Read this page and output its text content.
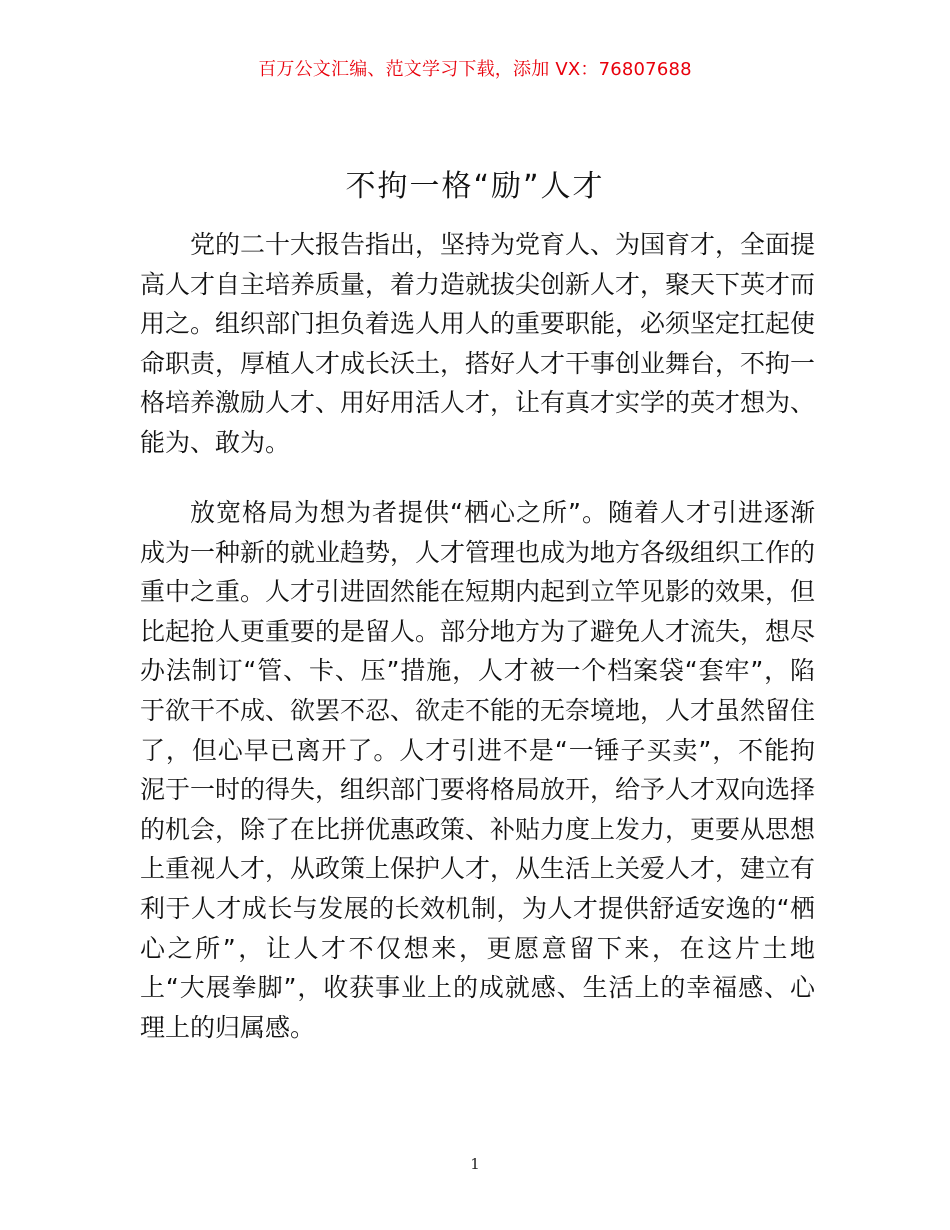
百万公文汇编、范文学习下载，添加 VX：76807688
不拘一格“励”人才

党的二十大报告指出，坚持为党育人、为国育才，全面提高人才自主培养质量，着力造就拔尖创新人才，聚天下英才而用之。组织部门担负着选人用人的重要职能，必须坚定扛起使命职责，厚植人才成长沃土，搭好人才干事创业舞台，不拘一格培养激励人才、用好用活人才，让有真才实学的英才想为、能为、敢为。

放宽格局为想为者提供“栖心之所”。随着人才引进逐渐成为一种新的就业趋势，人才管理也成为地方各级组织工作的重中之重。人才引进固然能在短期内起到立竿见影的效果，但比起抢人更重要的是留人。部分地方为了避免人才流失，想尽办法制订“管、卡、压”措施，人才被一个档案袋“套牢”，陷于欲干不成、欲罢不忍、欲走不能的无奈境地，人才虽然留住了，但心早已离开了。人才引进不是“一锤子买卖”，不能拘泥于一时的得失，组织部门要将格局放开，给予人才双向选择的机会，除了在比拼优惠政策、补贴力度上发力，更要从思想上重视人才，从政策上保护人才，从生活上关爱人才，建立有利于人才成长与发展的长效机制，为人才提供舒适安逸的“栖心之所”，让人才不仅想来，更愿意留下来，在这片土地上“大展拳脚”，收获事业上的成就感、生活上的幸福感、心理上的归属感。

1
